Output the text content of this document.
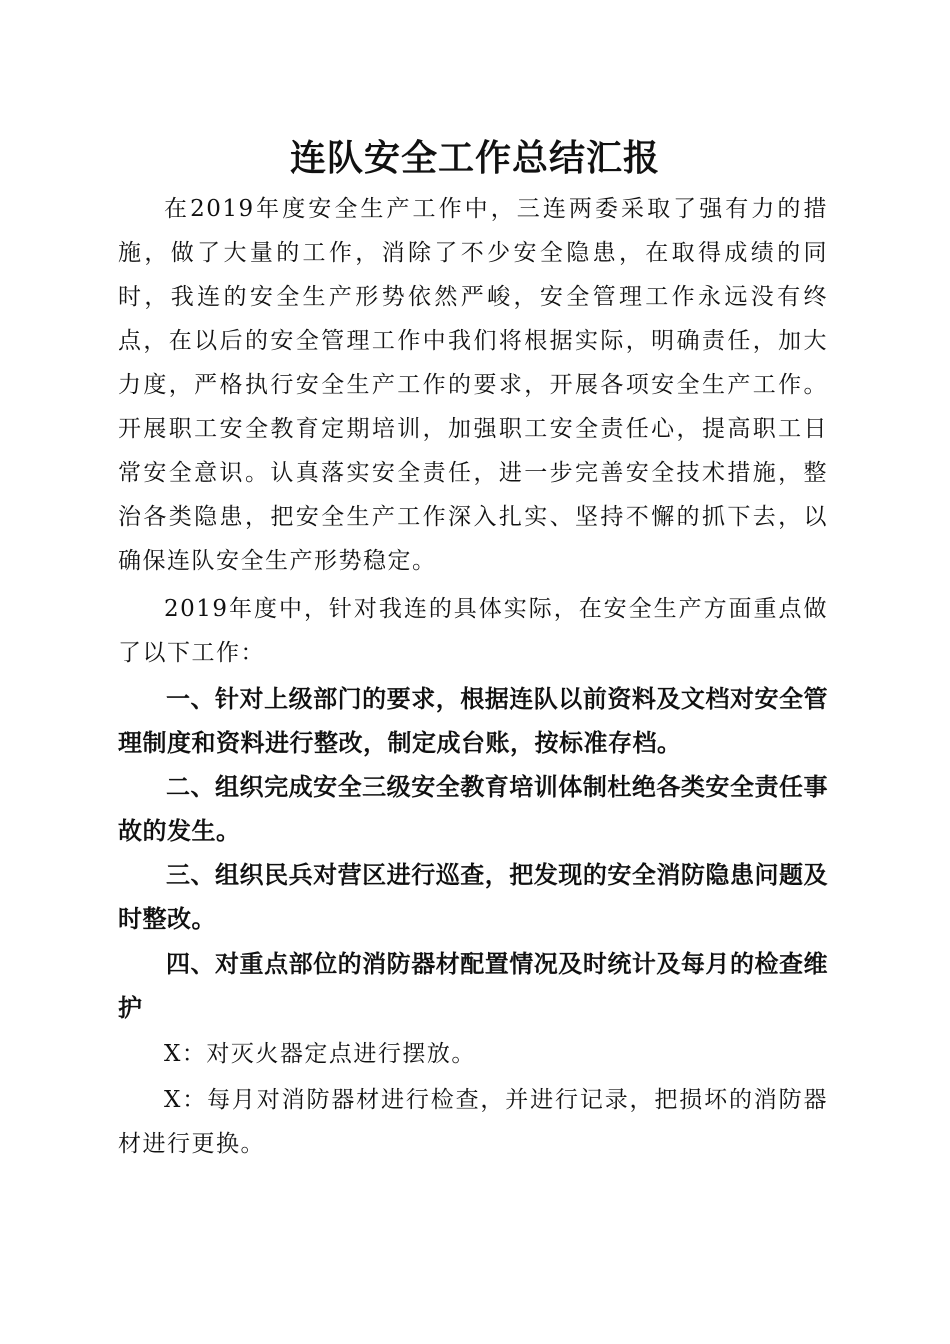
连队安全工作总结汇报

在2019年度安全生产工作中，三连两委采取了强有力的措施，做了大量的工作，消除了不少安全隐患，在取得成绩的同时，我连的安全生产形势依然严峻，安全管理工作永远没有终点，在以后的安全管理工作中我们将根据实际，明确责任，加大力度，严格执行安全生产工作的要求，开展各项安全生产工作。开展职工安全教育定期培训，加强职工安全责任心，提高职工日常安全意识。认真落实安全责任，进一步完善安全技术措施，整治各类隐患，把安全生产工作深入扎实、坚持不懈的抓下去，以确保连队安全生产形势稳定。

2019年度中，针对我连的具体实际，在安全生产方面重点做了以下工作：

一、针对上级部门的要求，根据连队以前资料及文档对安全管理制度和资料进行整改，制定成台账，按标准存档。

二、组织完成安全三级安全教育培训体制杜绝各类安全责任事故的发生。

三、组织民兵对营区进行巡查，把发现的安全消防隐患问题及时整改。

四、对重点部位的消防器材配置情况及时统计及每月的检查维护

X：对灭火器定点进行摆放。

X：每月对消防器材进行检查，并进行记录，把损坏的消防器材进行更换。
